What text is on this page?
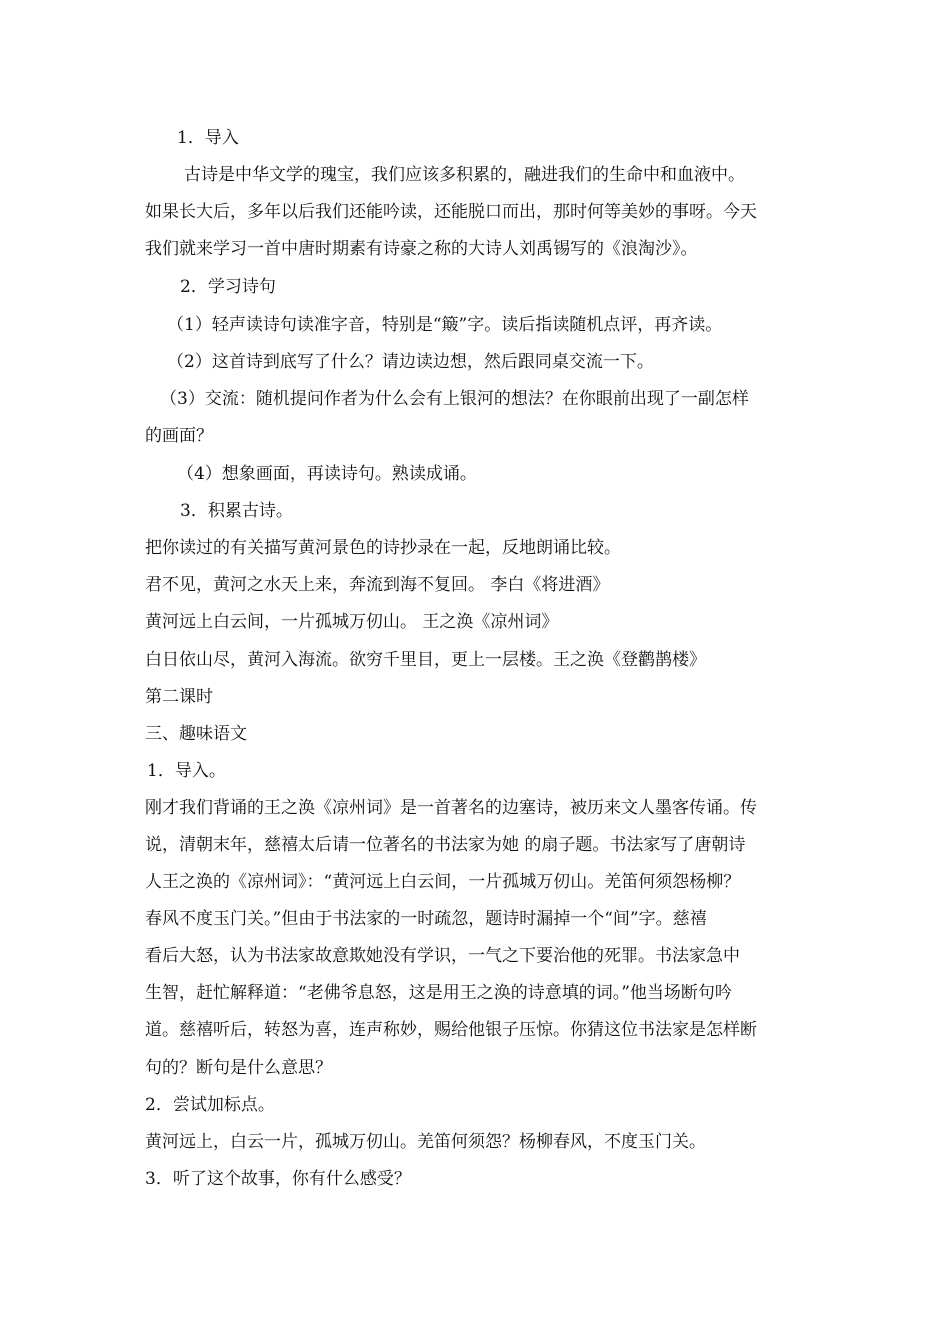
1．导入
古诗是中华文学的瑰宝，我们应该多积累的，融进我们的生命中和血液中。
如果长大后，多年以后我们还能吟读，还能脱口而出，那时何等美妙的事呀。今天
我们就来学习一首中唐时期素有诗豪之称的大诗人刘禹锡写的《浪淘沙》。
2．学习诗句
（1）轻声读诗句读准字音，特别是“簸”字。读后指读随机点评，再齐读。
（2）这首诗到底写了什么？请边读边想，然后跟同桌交流一下。
（3）交流：随机提问作者为什么会有上银河的想法？在你眼前出现了一副怎样
的画面？
（4）想象画面，再读诗句。熟读成诵。
3．积累古诗。
把你读过的有关描写黄河景色的诗抄录在一起，反地朗诵比较。
君不见，黄河之水天上来，奔流到海不复回。 李白《将进酒》
黄河远上白云间，一片孤城万仞山。 王之涣《凉州词》
白日依山尽，黄河入海流。欲穷千里目，更上一层楼。王之涣《登鹳鹊楼》
第二课时
三、趣味语文
1．导入。
刚才我们背诵的王之涣《凉州词》是一首著名的边塞诗，被历来文人墨客传诵。传
说，清朝末年，慈禧太后请一位著名的书法家为她 的扇子题。书法家写了唐朝诗
人王之涣的《凉州词》：“黄河远上白云间，一片孤城万仞山。羌笛何须怨杨柳？
春风不度玉门关。”但由于书法家的一时疏忽，题诗时漏掉一个“间”字。慈禧
看后大怒，认为书法家故意欺她没有学识，一气之下要治他的死罪。书法家急中
生智，赶忙解释道：“老佛爷息怒，这是用王之涣的诗意填的词。”他当场断句吟
道。慈禧听后，转怒为喜，连声称妙，赐给他银子压惊。你猜这位书法家是怎样断
句的？断句是什么意思？
2．尝试加标点。
黄河远上，白云一片，孤城万仞山。羌笛何须怨？杨柳春风，不度玉门关。
3．听了这个故事，你有什么感受？
